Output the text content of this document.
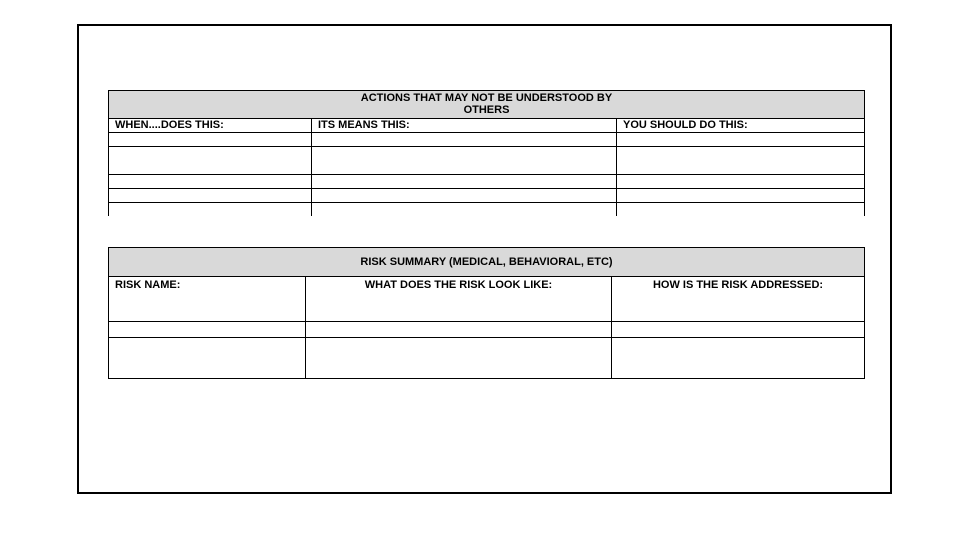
ACTIONS THAT MAY NOT BE UNDERSTOOD BY OTHERS		

WHEN....DOES THIS:	ITS MEANS THIS:	YOU SHOULD DO THIS:

RISK SUMMARY (MEDICAL, BEHAVIORAL, ETC)		
RISK NAME:	WHAT DOES THE RISK LOOK LIKE:	HOW IS THE RISK ADDRESSED:
